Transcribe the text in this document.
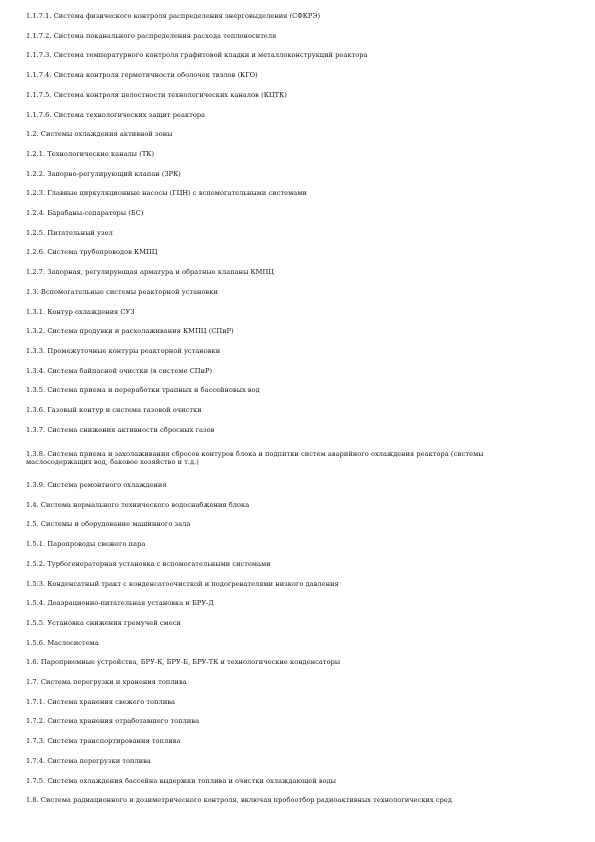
1.1.7.1. Система физического контроля распределения энерговыделения (СФКРЭ)
1.1.7.2. Система поканального распределения расхода теплоносителя
1.1.7.3. Система температурного контроля графитовой кладки и металлоконструкций реактора
1.1.7.4. Система контроля герметичности оболочек твэлов (КГО)
1.1.7.5. Система контроля целостности технологических каналов (КЦТК)
1.1.7.6. Система технологических защит реактора
1.2. Системы охлаждения активной зоны
1.2.1. Технологические каналы (ТК)
1.2.2. Запорно-регулирующий клапан (ЗРК)
1.2.3. Главные циркуляционные насосы (ГЦН) с вспомогательными системами
1.2.4. Барабаны-сепараторы (БС)
1.2.5. Питательный узел
1.2.6. Система трубопроводов КМПЦ
1.2.7. Запорная, регулирующая арматура и обратные клапаны КМПЦ
1.3. Вспомогательные системы реакторной установки
1.3.1. Контур охлаждения СУЗ
1.3.2. Система продувки и расхолаживания КМПЦ (СПиР)
1.3.3. Промежуточные контуры реакторной установки
1.3.4. Система байпасной очистки (в системе СПиР)
1.3.5. Система приема и переработки трапных и бассейновых вод
1.3.6. Газовый контур и система газовой очистки
1.3.7. Система снижения активности сбросных газов
1.3.8. Система приема и захолаживания сбросов контуров блока и подпитки систем аварийного охлаждения реактора (системы маслосодержащих вод, баковое хозяйство и т.д.)
1.3.9. Система ремонтного охлаждения
1.4. Система нормального технического водоснабжения блока
1.5. Системы и оборудование машинного зала
1.5.1. Паропроводы свежего пара
1.5.2. Турбогенераторная установка с вспомогательными системами
1.5.3. Конденсатный тракт с конденсатоочисткой и подогревателями низкого давления
1.5.4. Деаэрационно-питательная установка и БРУ-Д
1.5.5. Установка снижения гремучей смеси
1.5.6. Маслосистема
1.6. Пароприемные устройства, БРУ-К, БРУ-Б, БРУ-ТК и технологические конденсаторы
1.7. Система перегрузки и хранения топлива
1.7.1. Система хранения свежего топлива
1.7.2. Система хранения отработавшего топлива
1.7.3. Система транспортирования топлива
1.7.4. Система перегрузки топлива
1.7.5. Система охлаждения бассейна выдержки топлива и очистки охлаждающей воды
1.8. Система радиационного и дозиметрического контроля, включая пробоотбор радиоактивных технологических сред
